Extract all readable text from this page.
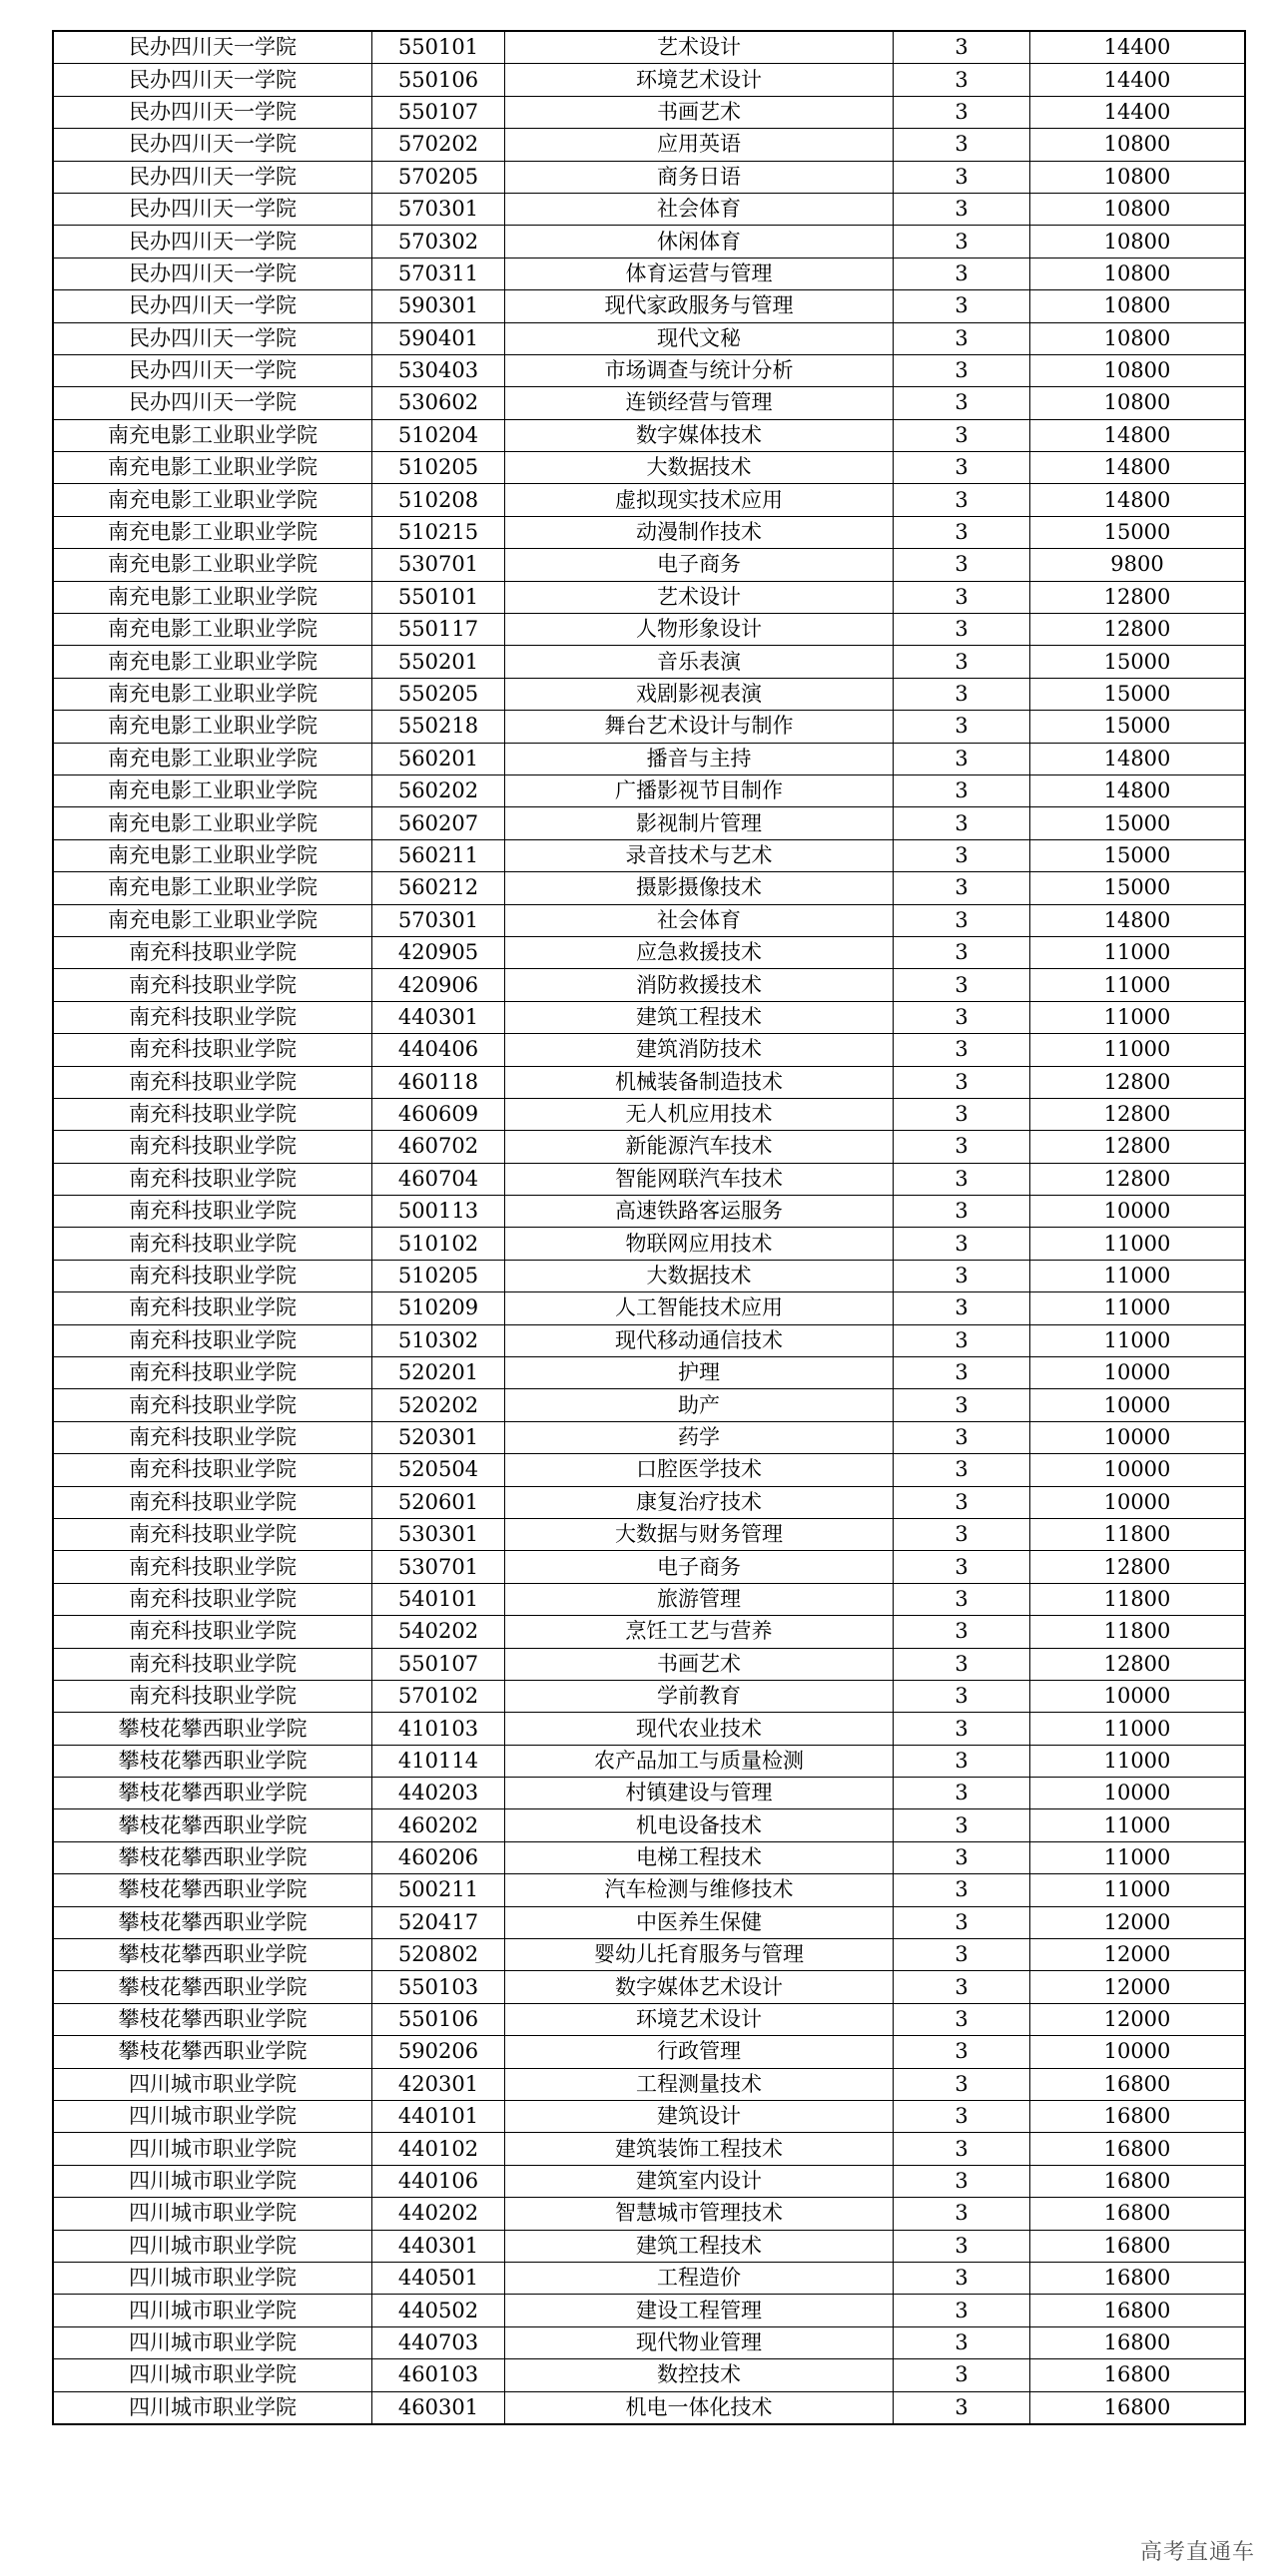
民办四川天一学院	550101	艺术设计	3	14400
民办四川天一学院	550106	环境艺术设计	3	14400
民办四川天一学院	550107	书画艺术	3	14400
民办四川天一学院	570202	应用英语	3	10800
民办四川天一学院	570205	商务日语	3	10800
民办四川天一学院	570301	社会体育	3	10800
民办四川天一学院	570302	休闲体育	3	10800
民办四川天一学院	570311	体育运营与管理	3	10800
民办四川天一学院	590301	现代家政服务与管理	3	10800
民办四川天一学院	590401	现代文秘	3	10800
民办四川天一学院	530403	市场调查与统计分析	3	10800
民办四川天一学院	530602	连锁经营与管理	3	10800
南充电影工业职业学院	510204	数字媒体技术	3	14800
南充电影工业职业学院	510205	大数据技术	3	14800
南充电影工业职业学院	510208	虚拟现实技术应用	3	14800
南充电影工业职业学院	510215	动漫制作技术	3	15000
南充电影工业职业学院	530701	电子商务	3	9800
南充电影工业职业学院	550101	艺术设计	3	12800
南充电影工业职业学院	550117	人物形象设计	3	12800
南充电影工业职业学院	550201	音乐表演	3	15000
南充电影工业职业学院	550205	戏剧影视表演	3	15000
南充电影工业职业学院	550218	舞台艺术设计与制作	3	15000
南充电影工业职业学院	560201	播音与主持	3	14800
南充电影工业职业学院	560202	广播影视节目制作	3	14800
南充电影工业职业学院	560207	影视制片管理	3	15000
南充电影工业职业学院	560211	录音技术与艺术	3	15000
南充电影工业职业学院	560212	摄影摄像技术	3	15000
南充电影工业职业学院	570301	社会体育	3	14800
南充科技职业学院	420905	应急救援技术	3	11000
南充科技职业学院	420906	消防救援技术	3	11000
南充科技职业学院	440301	建筑工程技术	3	11000
南充科技职业学院	440406	建筑消防技术	3	11000
南充科技职业学院	460118	机械装备制造技术	3	12800
南充科技职业学院	460609	无人机应用技术	3	12800
南充科技职业学院	460702	新能源汽车技术	3	12800
南充科技职业学院	460704	智能网联汽车技术	3	12800
南充科技职业学院	500113	高速铁路客运服务	3	10000
南充科技职业学院	510102	物联网应用技术	3	11000
南充科技职业学院	510205	大数据技术	3	11000
南充科技职业学院	510209	人工智能技术应用	3	11000
南充科技职业学院	510302	现代移动通信技术	3	11000
南充科技职业学院	520201	护理	3	10000
南充科技职业学院	520202	助产	3	10000
南充科技职业学院	520301	药学	3	10000
南充科技职业学院	520504	口腔医学技术	3	10000
南充科技职业学院	520601	康复治疗技术	3	10000
南充科技职业学院	530301	大数据与财务管理	3	11800
南充科技职业学院	530701	电子商务	3	12800
南充科技职业学院	540101	旅游管理	3	11800
南充科技职业学院	540202	烹饪工艺与营养	3	11800
南充科技职业学院	550107	书画艺术	3	12800
南充科技职业学院	570102	学前教育	3	10000
攀枝花攀西职业学院	410103	现代农业技术	3	11000
攀枝花攀西职业学院	410114	农产品加工与质量检测	3	11000
攀枝花攀西职业学院	440203	村镇建设与管理	3	10000
攀枝花攀西职业学院	460202	机电设备技术	3	11000
攀枝花攀西职业学院	460206	电梯工程技术	3	11000
攀枝花攀西职业学院	500211	汽车检测与维修技术	3	11000
攀枝花攀西职业学院	520417	中医养生保健	3	12000
攀枝花攀西职业学院	520802	婴幼儿托育服务与管理	3	12000
攀枝花攀西职业学院	550103	数字媒体艺术设计	3	12000
攀枝花攀西职业学院	550106	环境艺术设计	3	12000
攀枝花攀西职业学院	590206	行政管理	3	10000
四川城市职业学院	420301	工程测量技术	3	16800
四川城市职业学院	440101	建筑设计	3	16800
四川城市职业学院	440102	建筑装饰工程技术	3	16800
四川城市职业学院	440106	建筑室内设计	3	16800
四川城市职业学院	440202	智慧城市管理技术	3	16800
四川城市职业学院	440301	建筑工程技术	3	16800
四川城市职业学院	440501	工程造价	3	16800
四川城市职业学院	440502	建设工程管理	3	16800
四川城市职业学院	440703	现代物业管理	3	16800
四川城市职业学院	460103	数控技术	3	16800
四川城市职业学院	460301	机电一体化技术	3	16800
高考直通车
